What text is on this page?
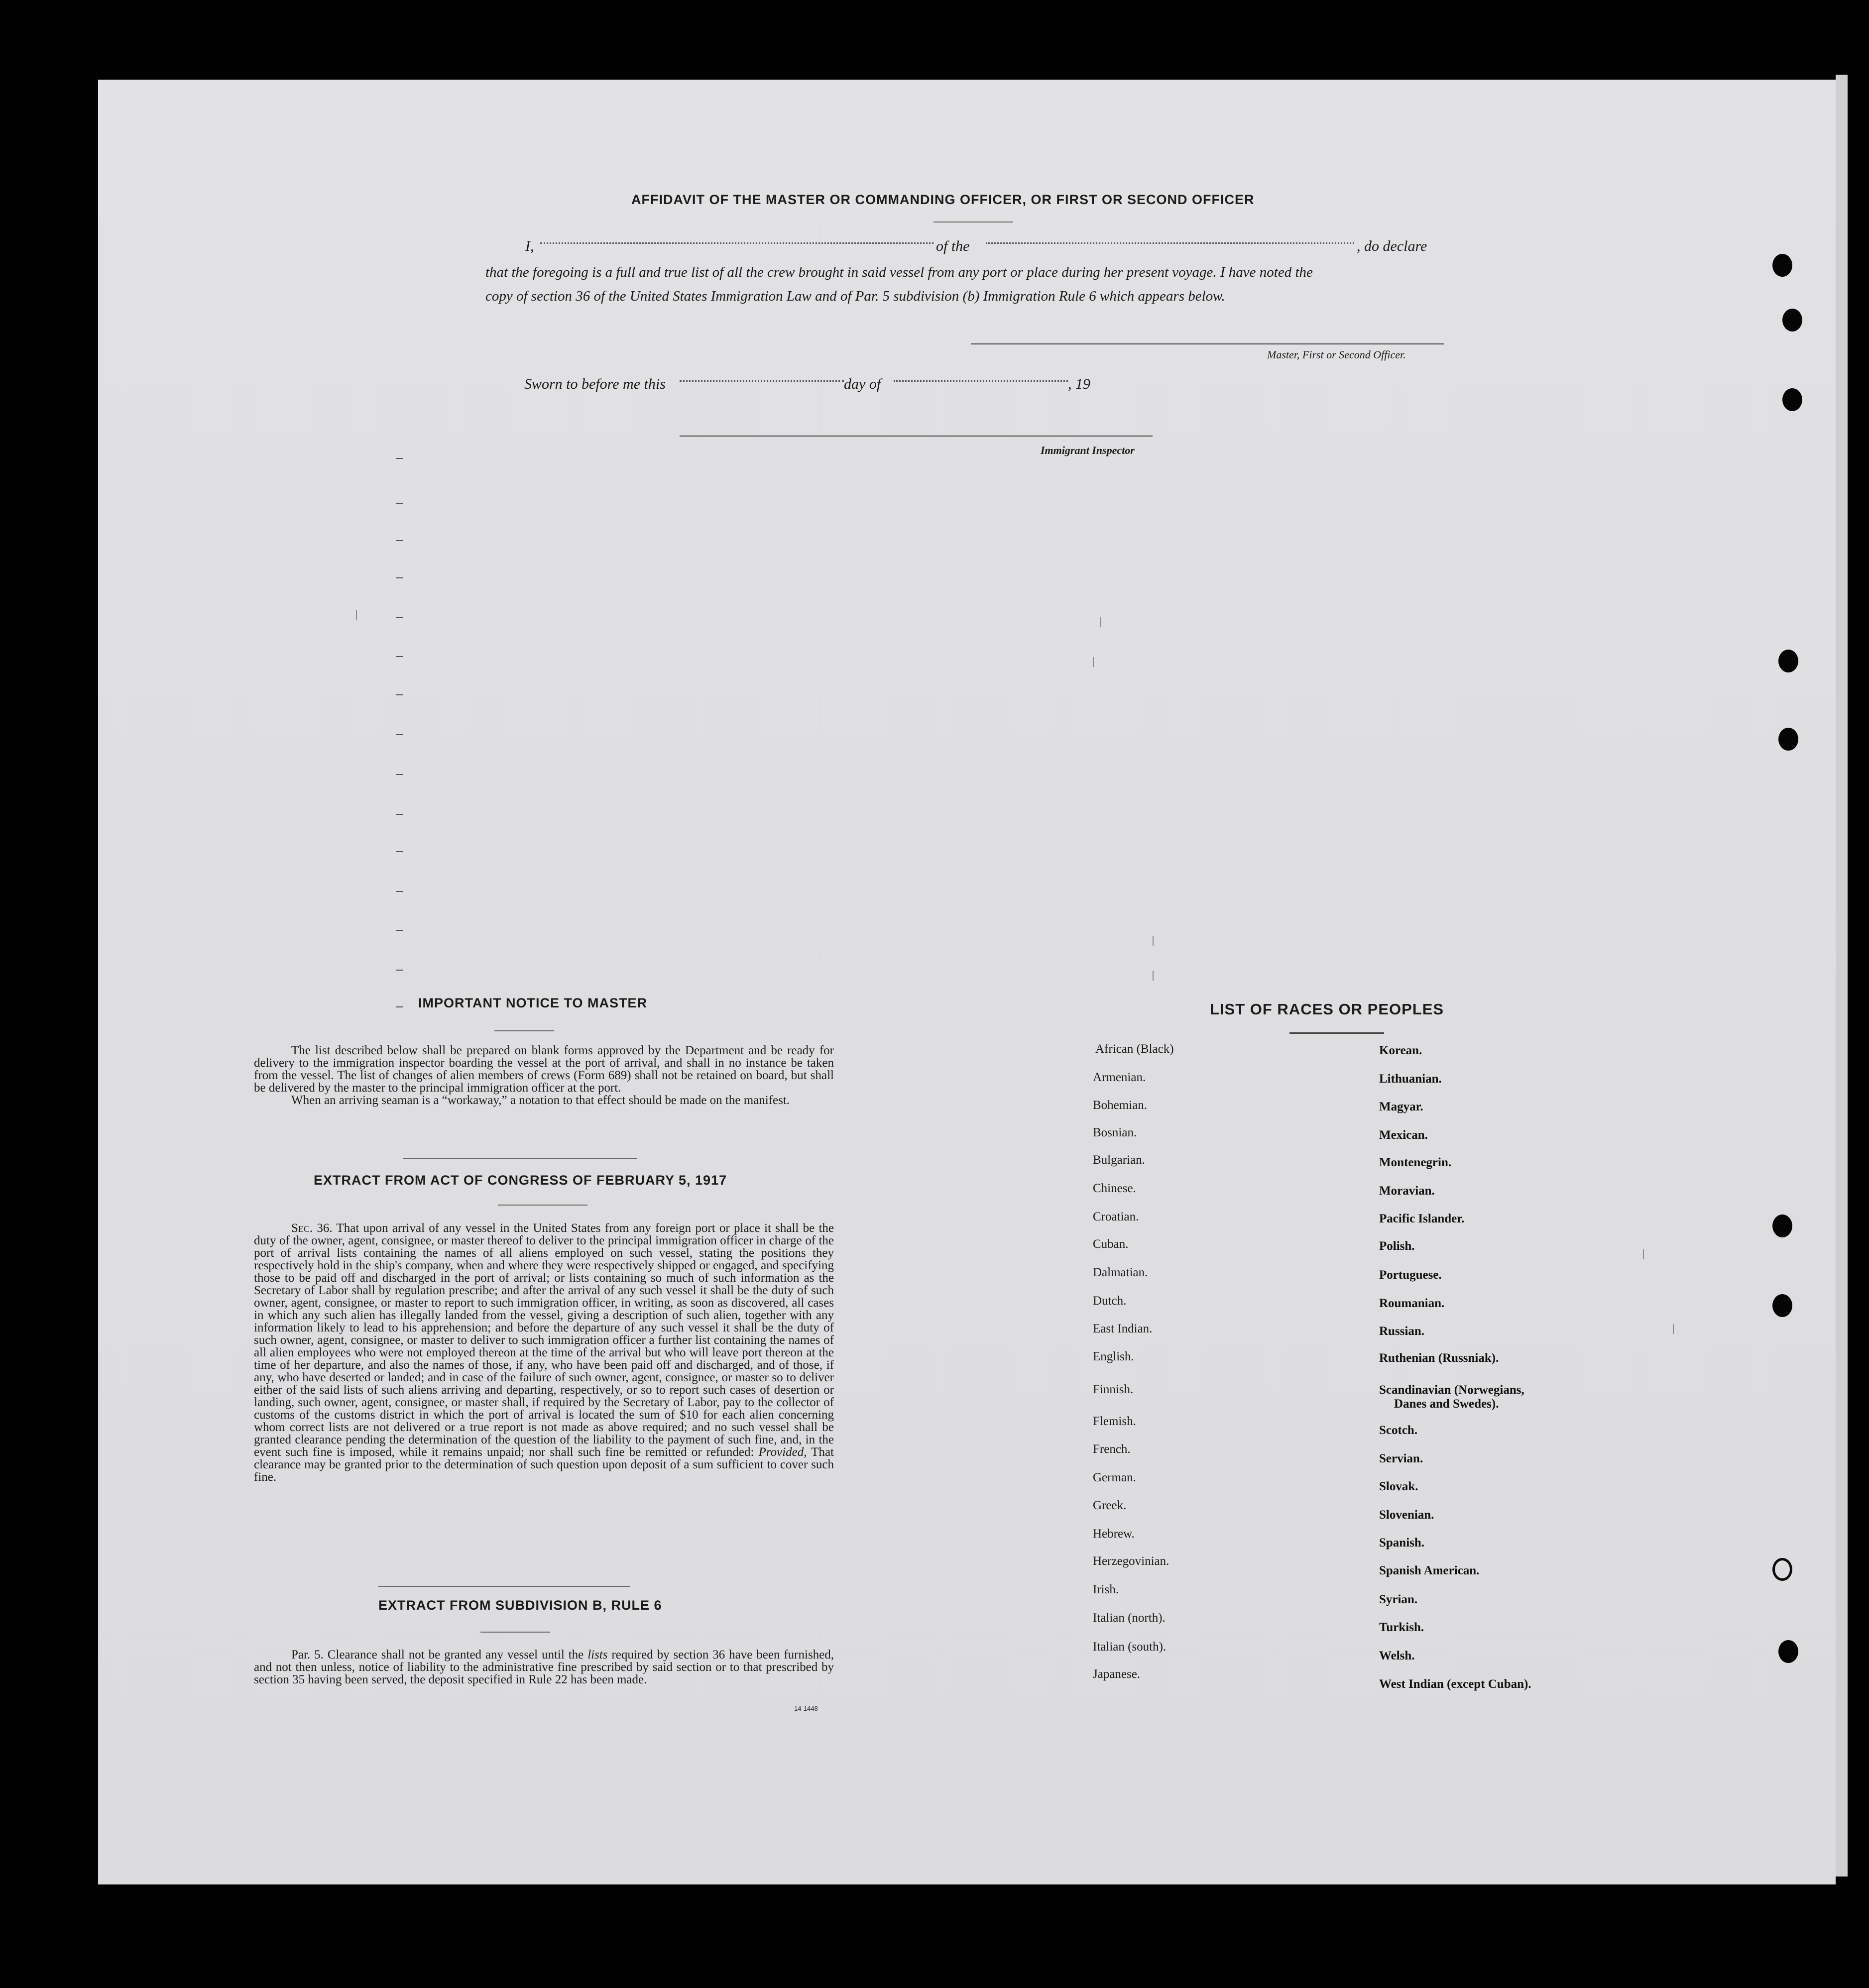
AFFIDAVIT OF THE MASTER OR COMMANDING OFFICER, OR FIRST OR SECOND OFFICER
I,	of the	, do declare
that the foregoing is a full and true list of all the crew brought in said vessel from any port or place during her present voyage. I have noted the
copy of section 36 of the United States Immigration Law and of Par. 5 subdivision (b) Immigration Rule 6 which appears below.
Master, First or Second Officer.
Sworn to before me this	day of	, 19
Immigrant Inspector
IMPORTANT NOTICE TO MASTER
The list described below shall be prepared on blank forms approved by the Department and be ready for delivery to the immigration inspector boarding the vessel at the port of arrival, and shall in no instance be taken from the vessel. The list of changes of alien members of crews (Form 689) shall not be retained on board, but shall be delivered by the master to the principal immigration officer at the port.
When an arriving seaman is a “workaway,” a notation to that effect should be made on the manifest.
EXTRACT FROM ACT OF CONGRESS OF FEBRUARY 5, 1917
Sec. 36. That upon arrival of any vessel in the United States from any foreign port or place it shall be the duty of the owner, agent, consignee, or master thereof to deliver to the principal immigration officer in charge of the port of arrival lists containing the names of all aliens employed on such vessel, stating the positions they respectively hold in the ship's company, when and where they were respectively shipped or engaged, and specifying those to be paid off and discharged in the port of arrival; or lists containing so much of such information as the Secretary of Labor shall by regulation prescribe; and after the arrival of any such vessel it shall be the duty of such owner, agent, consignee, or master to report to such immigration officer, in writing, as soon as discovered, all cases in which any such alien has illegally landed from the vessel, giving a description of such alien, together with any information likely to lead to his apprehension; and before the departure of any such vessel it shall be the duty of such owner, agent, consignee, or master to deliver to such immigration officer a further list containing the names of all alien employees who were not employed thereon at the time of the arrival but who will leave port thereon at the time of her departure, and also the names of those, if any, who have been paid off and discharged, and of those, if any, who have deserted or landed; and in case of the failure of such owner, agent, consignee, or master so to deliver either of the said lists of such aliens arriving and departing, respectively, or so to report such cases of desertion or landing, such owner, agent, consignee, or master shall, if required by the Secretary of Labor, pay to the collector of customs of the customs district in which the port of arrival is located the sum of $10 for each alien concerning whom correct lists are not delivered or a true report is not made as above required; and no such vessel shall be granted clearance pending the determination of the question of the liability to the payment of such fine, and, in the event such fine is imposed, while it remains unpaid; nor shall such fine be remitted or refunded: Provided, That clearance may be granted prior to the determination of such question upon deposit of a sum sufficient to cover such fine.
EXTRACT FROM SUBDIVISION B, RULE 6
Par. 5. Clearance shall not be granted any vessel until the lists required by section 36 have been furnished, and not then unless, notice of liability to the administrative fine prescribed by said section or to that prescribed by section 35 having been served, the deposit specified in Rule 22 has been made.
14-1448
LIST OF RACES OR PEOPLES
African (Black)
Armenian.
Bohemian.
Bosnian.
Bulgarian.
Chinese.
Croatian.
Cuban.
Dalmatian.
Dutch.
East Indian.
English.
Finnish.
Flemish.
French.
German.
Greek.
Hebrew.
Herzegovinian.
Irish.
Italian (north).
Italian (south).
Japanese.
Korean.
Lithuanian.
Magyar.
Mexican.
Montenegrin.
Moravian.
Pacific Islander.
Polish.
Portuguese.
Roumanian.
Russian.
Ruthenian (Russniak).
Scandinavian (Norwegians,
Danes and Swedes).
Scotch.
Servian.
Slovak.
Slovenian.
Spanish.
Spanish American.
Syrian.
Turkish.
Welsh.
West Indian (except Cuban).
